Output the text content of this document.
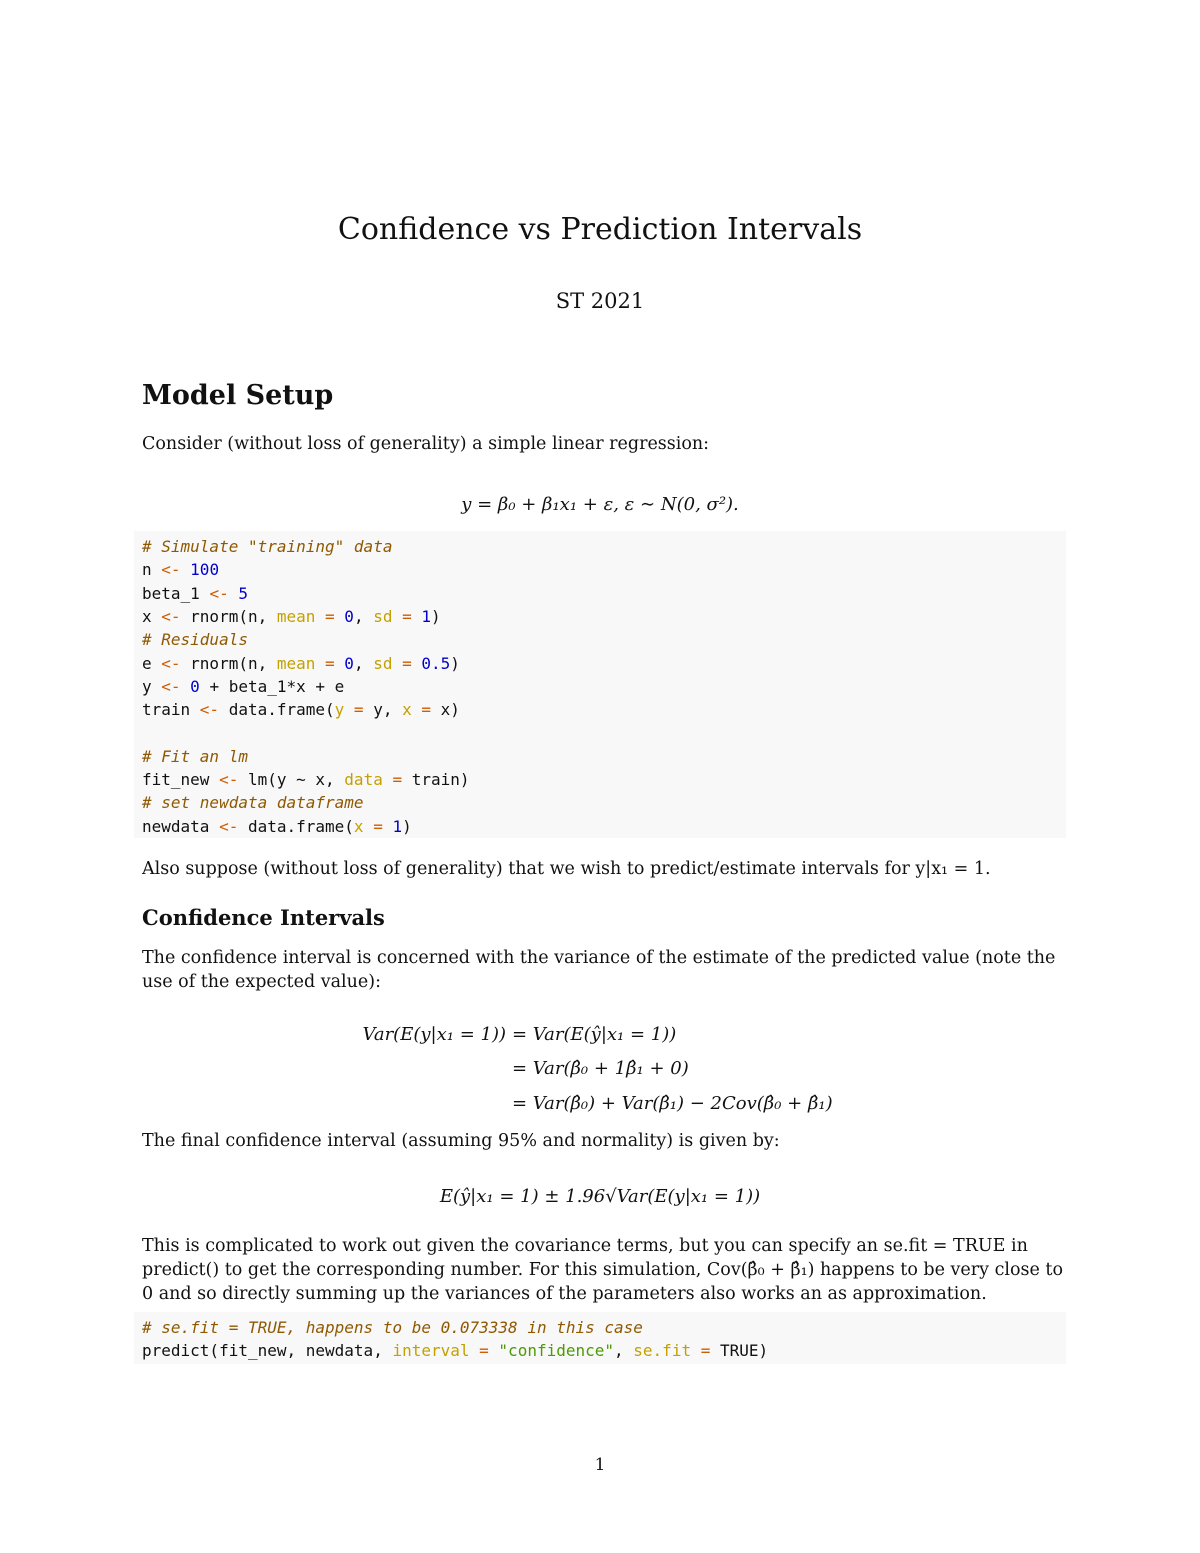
Confidence vs Prediction Intervals
ST 2021
Model Setup
Consider (without loss of generality) a simple linear regression:
y = β₀ + β₁x₁ + ε, ε ∼ N(0, σ²).
# Simulate "training" data
n <- 100
beta_1 <- 5
x <- rnorm(n, mean = 0, sd = 1)
# Residuals
e <- rnorm(n, mean = 0, sd = 0.5)
y <- 0 + beta_1*x + e
train <- data.frame(y = y, x = x)
# Fit an lm
fit_new <- lm(y ~ x, data = train)
# set newdata dataframe
newdata <- data.frame(x = 1)
Also suppose (without loss of generality) that we wish to predict/estimate intervals for y|x₁ = 1.
Confidence Intervals
The confidence interval is concerned with the variance of the estimate of the predicted value (note the use of the expected value):
Var(E(y|x₁ = 1)) = Var(E(ŷ|x₁ = 1))
= Var(β̂₀ + 1β̂₁ + 0)
= Var(β̂₀) + Var(β̂₁) − 2Cov(β̂₀ + β̂₁)
The final confidence interval (assuming 95% and normality) is given by:
E(ŷ|x₁ = 1) ± 1.96√Var(E(y|x₁ = 1))
This is complicated to work out given the covariance terms, but you can specify an se.fit = TRUE in predict() to get the corresponding number. For this simulation, Cov(β̂₀ + β̂₁) happens to be very close to 0 and so directly summing up the variances of the parameters also works an as approximation.
# se.fit = TRUE, happens to be 0.073338 in this case
predict(fit_new, newdata, interval = "confidence", se.fit = TRUE)
1
